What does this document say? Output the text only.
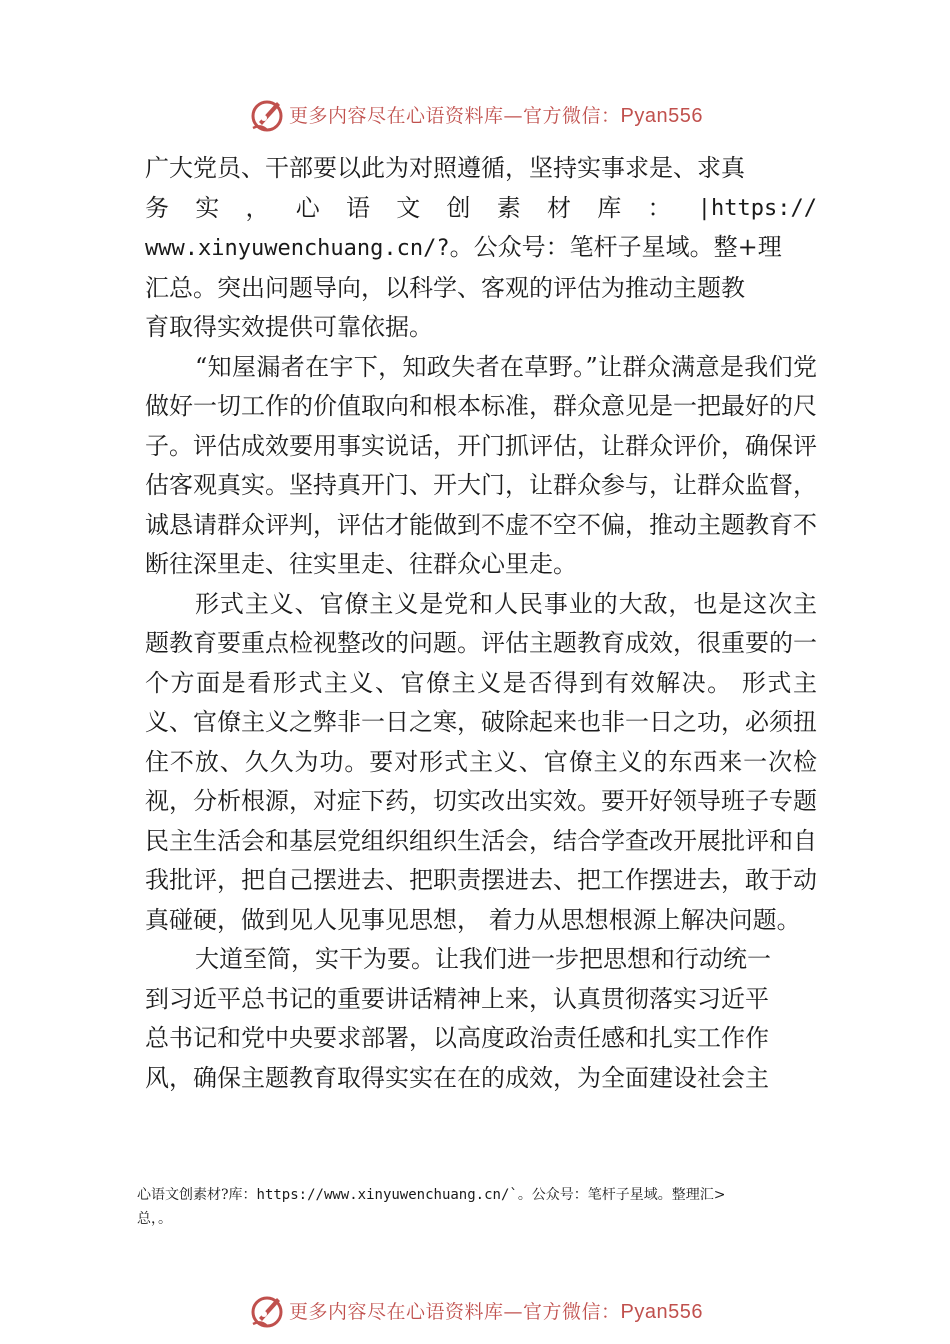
更多内容尽在心语资料库—官方微信：Pyan556
广大党员、干部要以此为对照遵循，坚持实事求是、求真
务 实 ， 心 语 文 创 素 材 库 ： |https://
www.xinyuwenchuang.cn/?。公众号：笔杆子星域。整+理
汇总。突出问题导向，以科学、客观的评估为推动主题教
育取得实效提供可靠依据。

“知屋漏者在宇下，知政失者在草野。”让群众满意是我们党做好一切工作的价值取向和根本标准，群众意见是一把最好的尺子。评估成效要用事实说话，开门抓评估，让群众评价，确保评估客观真实。坚持真开门、开大门，让群众参与，让群众监督，诚恳请群众评判，评估才能做到不虚不空不偏，推动主题教育不断往深里走、往实里走、往群众心里走。

形式主义、官僚主义是党和人民事业的大敌，也是这次主题教育要重点检视整改的问题。评估主题教育成效，很重要的一个方面是看形式主义、官僚主义是否得到有效解决。 形式主义、官僚主义之弊非一日之寒，破除起来也非一日之功，必须扭住不放、久久为功。要对形式主义、官僚主义的东西来一次检视，分析根源，对症下药，切实改出实效。要开好领导班子专题民主生活会和基层党组织组织生活会，结合学查改开展批评和自我批评，把自己摆进去、把职责摆进去、把工作摆进去，敢于动真碰硬，做到见人见事见思想， 着力从思想根源上解决问题。

大道至简，实干为要。让我们进一步把思想和行动统一
到习近平总书记的重要讲话精神上来，认真贯彻落实习近平
总书记和党中央要求部署，以高度政治责任感和扎实工作作
风，确保主题教育取得实实在在的成效，为全面建设社会主
心语文创素材?库：https://www.xinyuwenchuang.cn/`。公众号：笔杆子星域。整理汇>
总，。
更多内容尽在心语资料库—官方微信：Pyan556
